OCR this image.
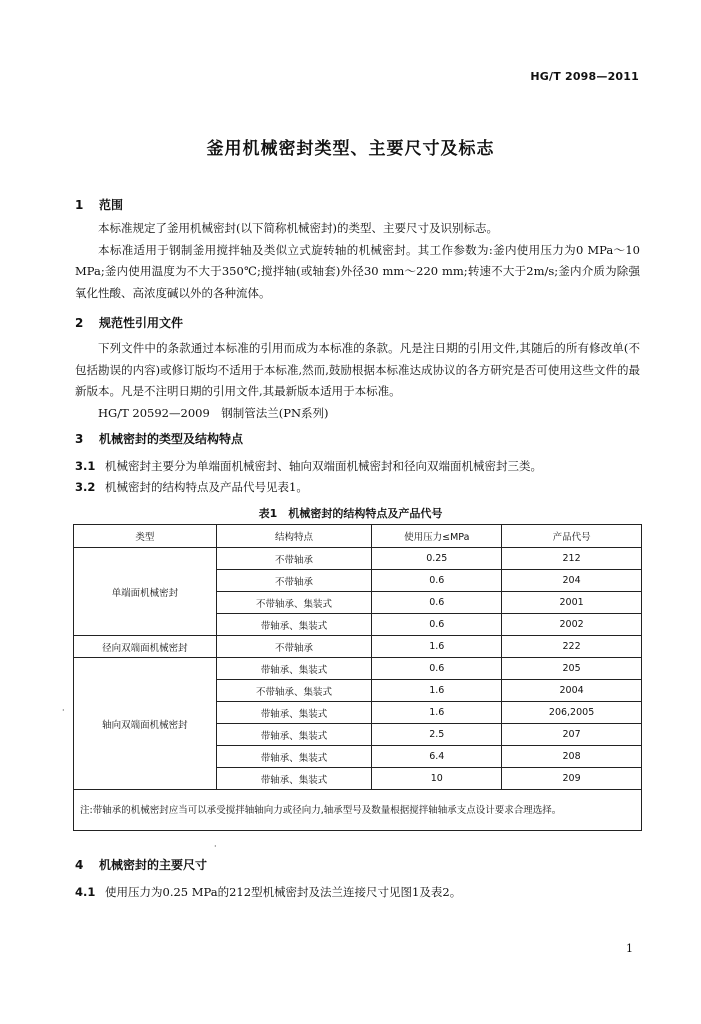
HG/T 2098—2011
釜用机械密封类型、主要尺寸及标志
1 范围

本标准规定了釜用机械密封(以下简称机械密封)的类型、主要尺寸及识别标志。

本标准适用于钢制釜用搅拌轴及类似立式旋转轴的机械密封。其工作参数为:釜内使用压力为0 MPa～10 MPa;釜内使用温度为不大于350℃;搅拌轴(或轴套)外径30 mm～220 mm;转速不大于2m/s;釜内介质为除强氧化性酸、高浓度碱以外的各种流体。

2 规范性引用文件

下列文件中的条款通过本标准的引用而成为本标准的条款。凡是注日期的引用文件,其随后的所有修改单(不包括勘误的内容)或修订版均不适用于本标准,然而,鼓励根据本标准达成协议的各方研究是否可使用这些文件的最新版本。凡是不注明日期的引用文件,其最新版本适用于本标准。

HG/T 20592—2009　钢制管法兰(PN系列)

3 机械密封的类型及结构特点
3.1 机械密封主要分为单端面机械密封、轴向双端面机械密封和径向双端面机械密封三类。
3.2 机械密封的结构特点及产品代号见表1。
表1　机械密封的结构特点及产品代号
类型	结构特点	使用压力≤MPa	产品代号
单端面机械密封	不带轴承	0.25	212
	不带轴承	0.6	204
	不带轴承、集装式	0.6	2001
	带轴承、集装式	0.6	2002
径向双端面机械密封	不带轴承	1.6	222
轴向双端面机械密封	带轴承、集装式	0.6	205
	不带轴承、集装式	1.6	2004
	带轴承、集装式	1.6	206,2005
	带轴承、集装式	2.5	207
	带轴承、集装式	6.4	208
	带轴承、集装式	10	209
注:带轴承的机械密封应当可以承受搅拌轴轴向力或径向力,轴承型号及数量根据搅拌轴轴承支点设计要求合理选择。			
·
·
4 机械密封的主要尺寸
4.1 使用压力为0.25 MPa的212型机械密封及法兰连接尺寸见图1及表2。
1
